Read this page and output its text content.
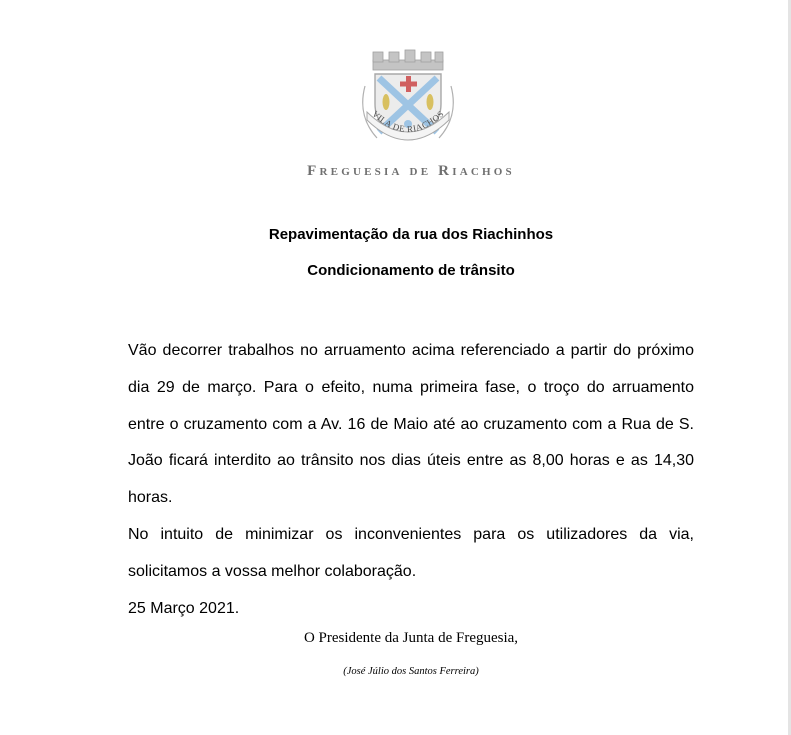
VILA DE RIACHOS
Freguesia de Riachos
Repavimentação da rua dos Riachinhos
Condicionamento de trânsito

Vão decorrer trabalhos no arruamento acima referenciado a partir do próximo dia 29 de março. Para o efeito, numa primeira fase, o troço do arruamento entre o cruzamento com a Av. 16 de Maio até ao cruzamento com a Rua de S. João ficará interdito ao trânsito nos dias úteis entre as 8,00 horas e as 14,30 horas.

No intuito de minimizar os inconvenientes para os utilizadores da via, solicitamos a vossa melhor colaboração.

25 Março 2021.

O Presidente da Junta de Freguesia,
(José Júlio dos Santos Ferreira)
